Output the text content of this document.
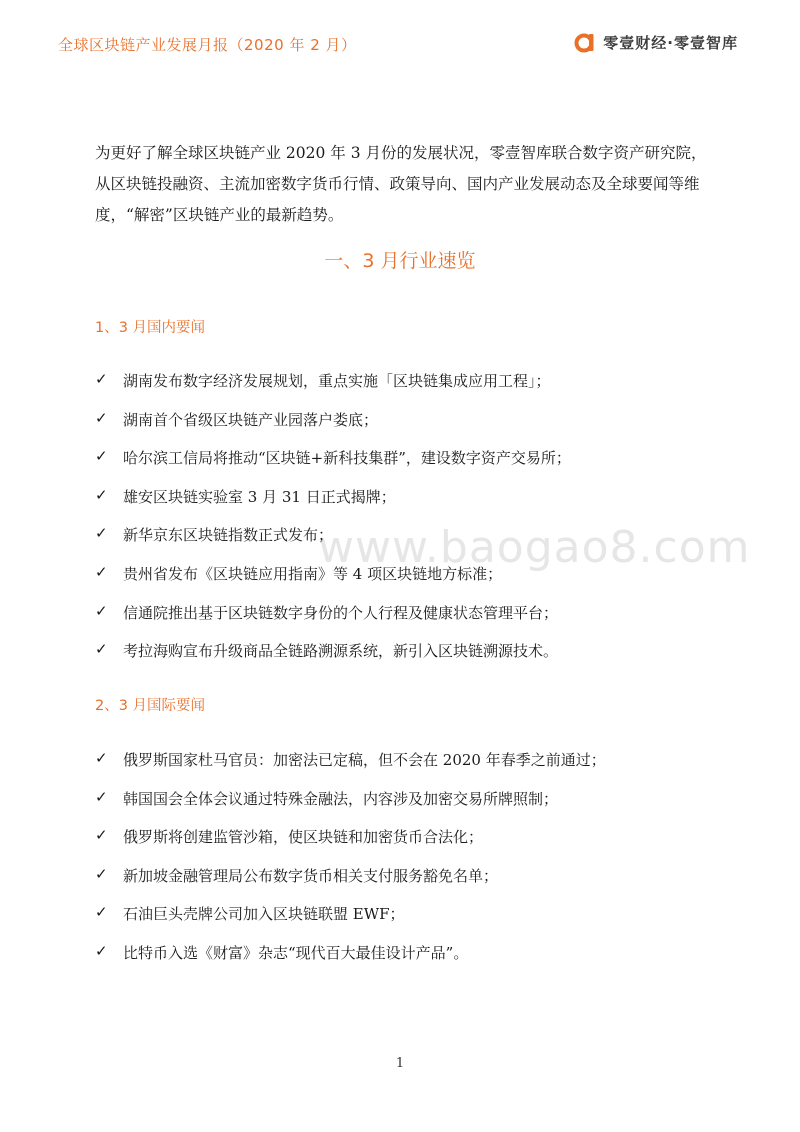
全球区块链产业发展月报（2020 年 2 月）	零壹财经·零壹智库
www.baogao8.com

为更好了解全球区块链产业 2020 年 3 月份的发展状况，零壹智库联合数字资产研究院，从区块链投融资、主流加密数字货币行情、政策导向、国内产业发展动态及全球要闻等维度，“解密”区块链产业的最新趋势。

一、3 月行业速览
1、3 月国内要闻
✓	湖南发布数字经济发展规划，重点实施「区块链集成应用工程」；
✓	湖南首个省级区块链产业园落户娄底；
✓	哈尔滨工信局将推动“区块链+新科技集群”，建设数字资产交易所；
✓	雄安区块链实验室 3 月 31 日正式揭牌；
✓	新华京东区块链指数正式发布；
✓	贵州省发布《区块链应用指南》等 4 项区块链地方标准；
✓	信通院推出基于区块链数字身份的个人行程及健康状态管理平台；
✓	考拉海购宣布升级商品全链路溯源系统，新引入区块链溯源技术。
2、3 月国际要闻
✓	俄罗斯国家杜马官员：加密法已定稿，但不会在 2020 年春季之前通过；
✓	韩国国会全体会议通过特殊金融法，内容涉及加密交易所牌照制；
✓	俄罗斯将创建监管沙箱，使区块链和加密货币合法化；
✓	新加坡金融管理局公布数字货币相关支付服务豁免名单；
✓	石油巨头壳牌公司加入区块链联盟 EWF；
✓	比特币入选《财富》杂志“现代百大最佳设计产品”。
1
